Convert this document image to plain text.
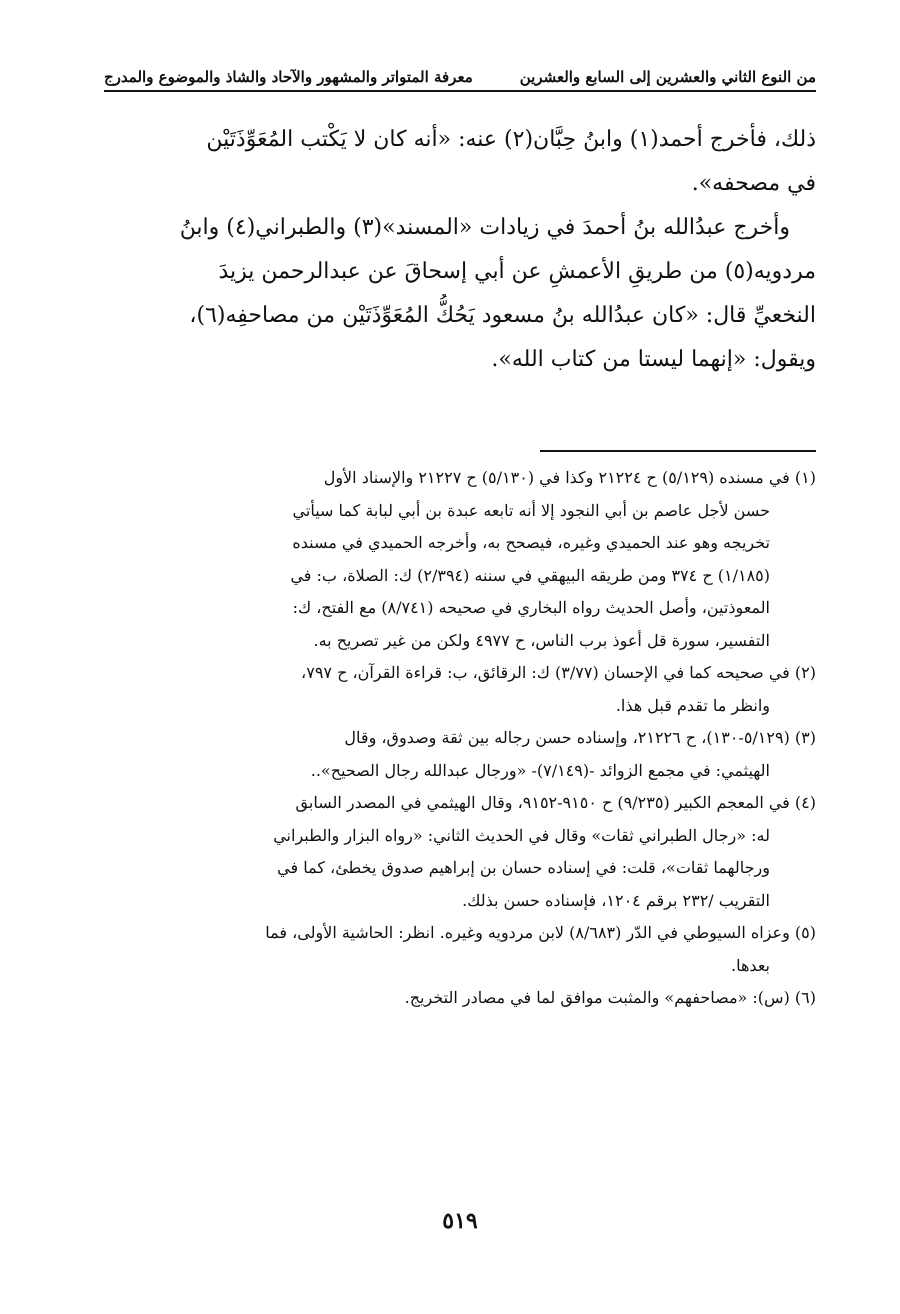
من النوع الثاني والعشرين إلى السابع والعشرين
معرفة المتواتر والمشهور والآحاد والشاذ والموضوع والمدرج

ذلك، فأخرج أحمد(١) وابنُ حِبَّان(٢) عنه: «أنه كان لا يَكْتب المُعَوِّذَتَيْن

في مصحفه».

وأخرج عبدُالله بنُ أحمدَ في زيادات «المسند»(٣) والطبراني(٤) وابنُ

مردويه(٥) من طريقِ الأعمشِ عن أبي إسحاقَ عن عبدالرحمن يزيدَ

النخعيِّ قال: «كان عبدُالله بنُ مسعود يَحُكُّ المُعَوِّذَتَيْن من مصاحفِه(٦)،

ويقول: «إنهما ليستا من كتاب الله».

(١) في مسنده (٥/١٢٩) ح ٢١٢٢٤ وكذا في (٥/١٣٠) ح ٢١٢٢٧ والإسناد الأول
حسن لأجل عاصم بن أبي النجود إلا أنه تابعه عبدة بن أبي لبابة كما سيأتي
تخريجه وهو عند الحميدي وغيره، فيصحح به، وأخرجه الحميدي في مسنده
(١/١٨٥) ح ٣٧٤ ومن طريقه البيهقي في سننه (٢/٣٩٤) ك: الصلاة، ب: في
المعوذتين، وأصل الحديث رواه البخاري في صحيحه (٨/٧٤١) مع الفتح، ك:
التفسير، سورة قل أعوذ برب الناس، ح ٤٩٧٧ ولكن من غير تصريح به.
(٢) في صحيحه كما في الإحسان (٣/٧٧) ك: الرقائق، ب: قراءة القرآن، ح ٧٩٧،
وانظر ما تقدم قبل هذا.
(٣) (٥/١٢٩-١٣٠)، ح ٢١٢٢٦، وإسناده حسن رجاله بين ثقة وصدوق، وقال
الهيثمي: في مجمع الزوائد -(٧/١٤٩)- «ورجال عبدالله رجال الصحيح»..
(٤) في المعجم الكبير (٩/٢٣٥) ح ٩١٥٠-٩١٥٢، وقال الهيثمي في المصدر السابق
له: «رجال الطبراني ثقات» وقال في الحديث الثاني: «رواه البزار والطبراني
ورجالهما ثقات»، قلت: في إسناده حسان بن إبراهيم صدوق يخطئ، كما في
التقريب /٢٣٢ برقم ١٢٠٤، فإسناده حسن بذلك.
(٥) وعزاه السيوطي في الدّر (٨/٦٨٣) لابن مردويه وغيره. انظر: الحاشية الأولى، فما
بعدها.
(٦) (س): «مصاحفهم» والمثبت موافق لما في مصادر التخريج.
٥١٩
